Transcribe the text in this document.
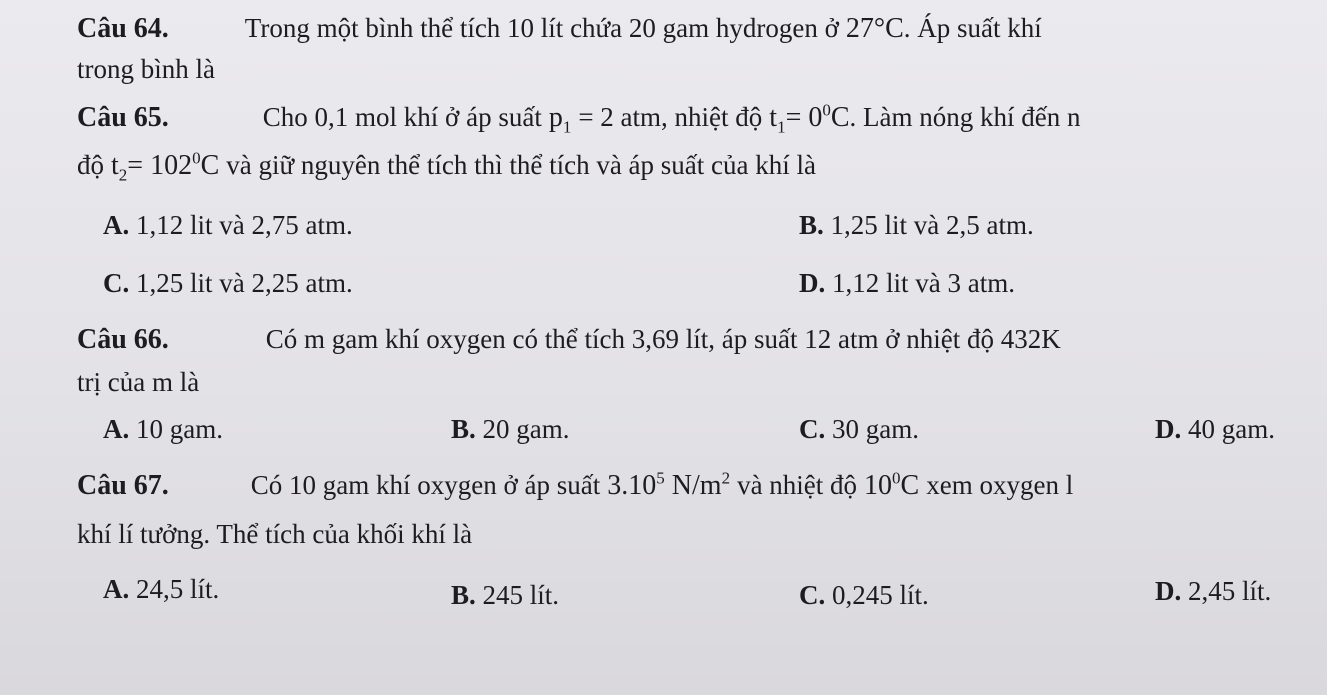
Câu 64.	Trong một bình thể tích 10 lít chứa 20 gam hydrogen ở 27°C. Áp suất khí
trong bình là
Câu 65.	Cho 0,1 mol khí ở áp suất $p_1 = 2$ atm, nhiệt độ $t_1= 0^0C$. Làm nóng khí đến n
độ $t_2= 102^0C$ và giữ nguyên thể tích thì thể tích và áp suất của khí là
A. 1,12 lit và 2,75 atm.	B. 1,25 lit và 2,5 atm.
C. 1,25 lit và 2,25 atm.	D. 1,12 lit và 3 atm.
Câu 66.	Có m gam khí oxygen có thể tích 3,69 lít, áp suất 12 atm ở nhiệt độ 432K
trị của m là
A. 10 gam.	B. 20 gam.	C. 30 gam.	D. 40 gam.
Câu 67.	Có 10 gam khí oxygen ở áp suất 3.10$^5$ $N/m^2$ và nhiệt độ $10^0C$ xem oxygen l
khí lí tưởng. Thể tích của khối khí là
A. 24,5 lít.	B. 245 lít.	C. 0,245 lít.	D. 2,45 lít.
